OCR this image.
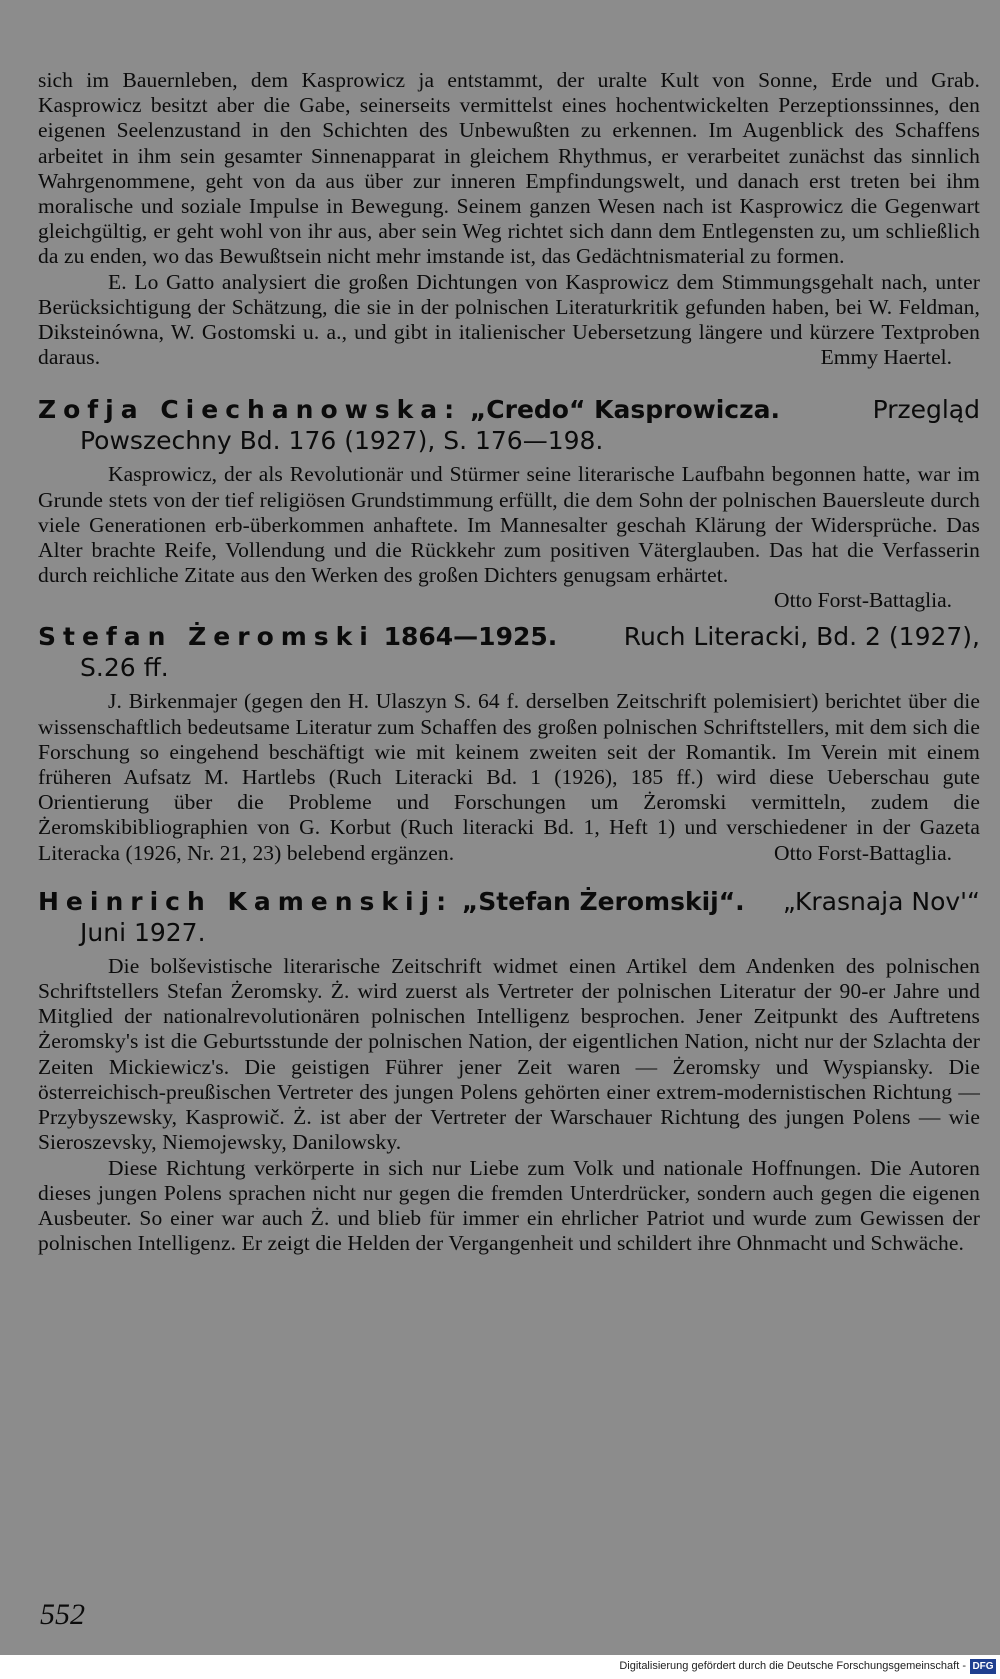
sich im Bauernleben, dem Kasprowicz ja entstammt, der uralte Kult von Sonne, Erde und Grab. Kasprowicz besitzt aber die Gabe, seinerseits vermittelst eines hochentwickelten Perzeptionssinnes, den eigenen Seelenzustand in den Schichten des Unbewußten zu erkennen. Im Augenblick des Schaffens arbeitet in ihm sein gesamter Sinnenapparat in gleichem Rhythmus, er verarbeitet zunächst das sinnlich Wahrgenommene, geht von da aus über zur inneren Empfindungswelt, und danach erst treten bei ihm moralische und soziale Impulse in Bewegung. Seinem ganzen Wesen nach ist Kasprowicz die Gegenwart gleichgültig, er geht wohl von ihr aus, aber sein Weg richtet sich dann dem Entlegensten zu, um schließlich da zu enden, wo das Bewußtsein nicht mehr imstande ist, das Gedächtnismaterial zu formen.

E. Lo Gatto analysiert die großen Dichtungen von Kasprowicz dem Stimmungsgehalt nach, unter Berücksichtigung der Schätzung, die sie in der polnischen Literaturkritik gefunden haben, bei W. Feldman, Diksteinówna, W. Gostomski u. a., und gibt in italienischer Uebersetzung längere und kürzere Textproben daraus.	Emmy Haertel.

Zofja Ciechanowska: „Credo“ Kasprowicza.	Przegląd
Powszechny Bd. 176 (1927), S. 176—198.

Kasprowicz, der als Revolutionär und Stürmer seine literarische Laufbahn begonnen hatte, war im Grunde stets von der tief religiösen Grundstimmung erfüllt, die dem Sohn der polnischen Bauersleute durch viele Generationen erb-überkommen anhaftete. Im Mannesalter geschah Klärung der Widersprüche. Das Alter brachte Reife, Vollendung und die Rückkehr zum positiven Väterglauben. Das hat die Verfasserin durch reichliche Zitate aus den Werken des großen Dichters genugsam erhärtet.

Otto Forst-Battaglia.

Stefan Żeromski 1864—1925.	Ruch Literacki, Bd. 2 (1927),
S.26 ff.

J. Birkenmajer (gegen den H. Ulaszyn S. 64 f. derselben Zeitschrift polemisiert) berichtet über die wissenschaftlich bedeutsame Literatur zum Schaffen des großen polnischen Schriftstellers, mit dem sich die Forschung so eingehend beschäftigt wie mit keinem zweiten seit der Romantik. Im Verein mit einem früheren Aufsatz M. Hartlebs (Ruch Literacki Bd. 1 (1926), 185 ff.) wird diese Ueberschau gute Orientierung über die Probleme und Forschungen um Żeromski vermitteln, zudem die Żeromskibibliographien von G. Korbut (Ruch literacki Bd. 1, Heft 1) und verschiedener in der Gazeta Literacka (1926, Nr. 21, 23) belebend ergänzen.	Otto Forst-Battaglia.

Heinrich Kamenskij: „Stefan Żeromskij“. „Krasnaja Nov'“
Juni 1927.

Die bolševistische literarische Zeitschrift widmet einen Artikel dem Andenken des polnischen Schriftstellers Stefan Żeromsky. Ż. wird zuerst als Vertreter der polnischen Literatur der 90-er Jahre und Mitglied der nationalrevolutionären polnischen Intelligenz besprochen. Jener Zeitpunkt des Auftretens Żeromsky's ist die Geburtsstunde der polnischen Nation, der eigentlichen Nation, nicht nur der Szlachta der Zeiten Mickiewicz's. Die geistigen Führer jener Zeit waren — Żeromsky und Wyspiansky. Die österreichisch-preußischen Vertreter des jungen Polens gehörten einer extrem-modernistischen Richtung — Przybyszewsky, Kasprowič. Ż. ist aber der Vertreter der Warschauer Richtung des jungen Polens — wie Sieroszevsky, Niemojewsky, Danilowsky.

Diese Richtung verkörperte in sich nur Liebe zum Volk und nationale Hoffnungen. Die Autoren dieses jungen Polens sprachen nicht nur gegen die fremden Unterdrücker, sondern auch gegen die eigenen Ausbeuter. So einer war auch Ż. und blieb für immer ein ehrlicher Patriot und wurde zum Gewissen der polnischen Intelligenz. Er zeigt die Helden der Vergangenheit und schildert ihre Ohnmacht und Schwäche.

552
Digitalisierung gefördert durch die Deutsche Forschungsgemeinschaft - DFG
